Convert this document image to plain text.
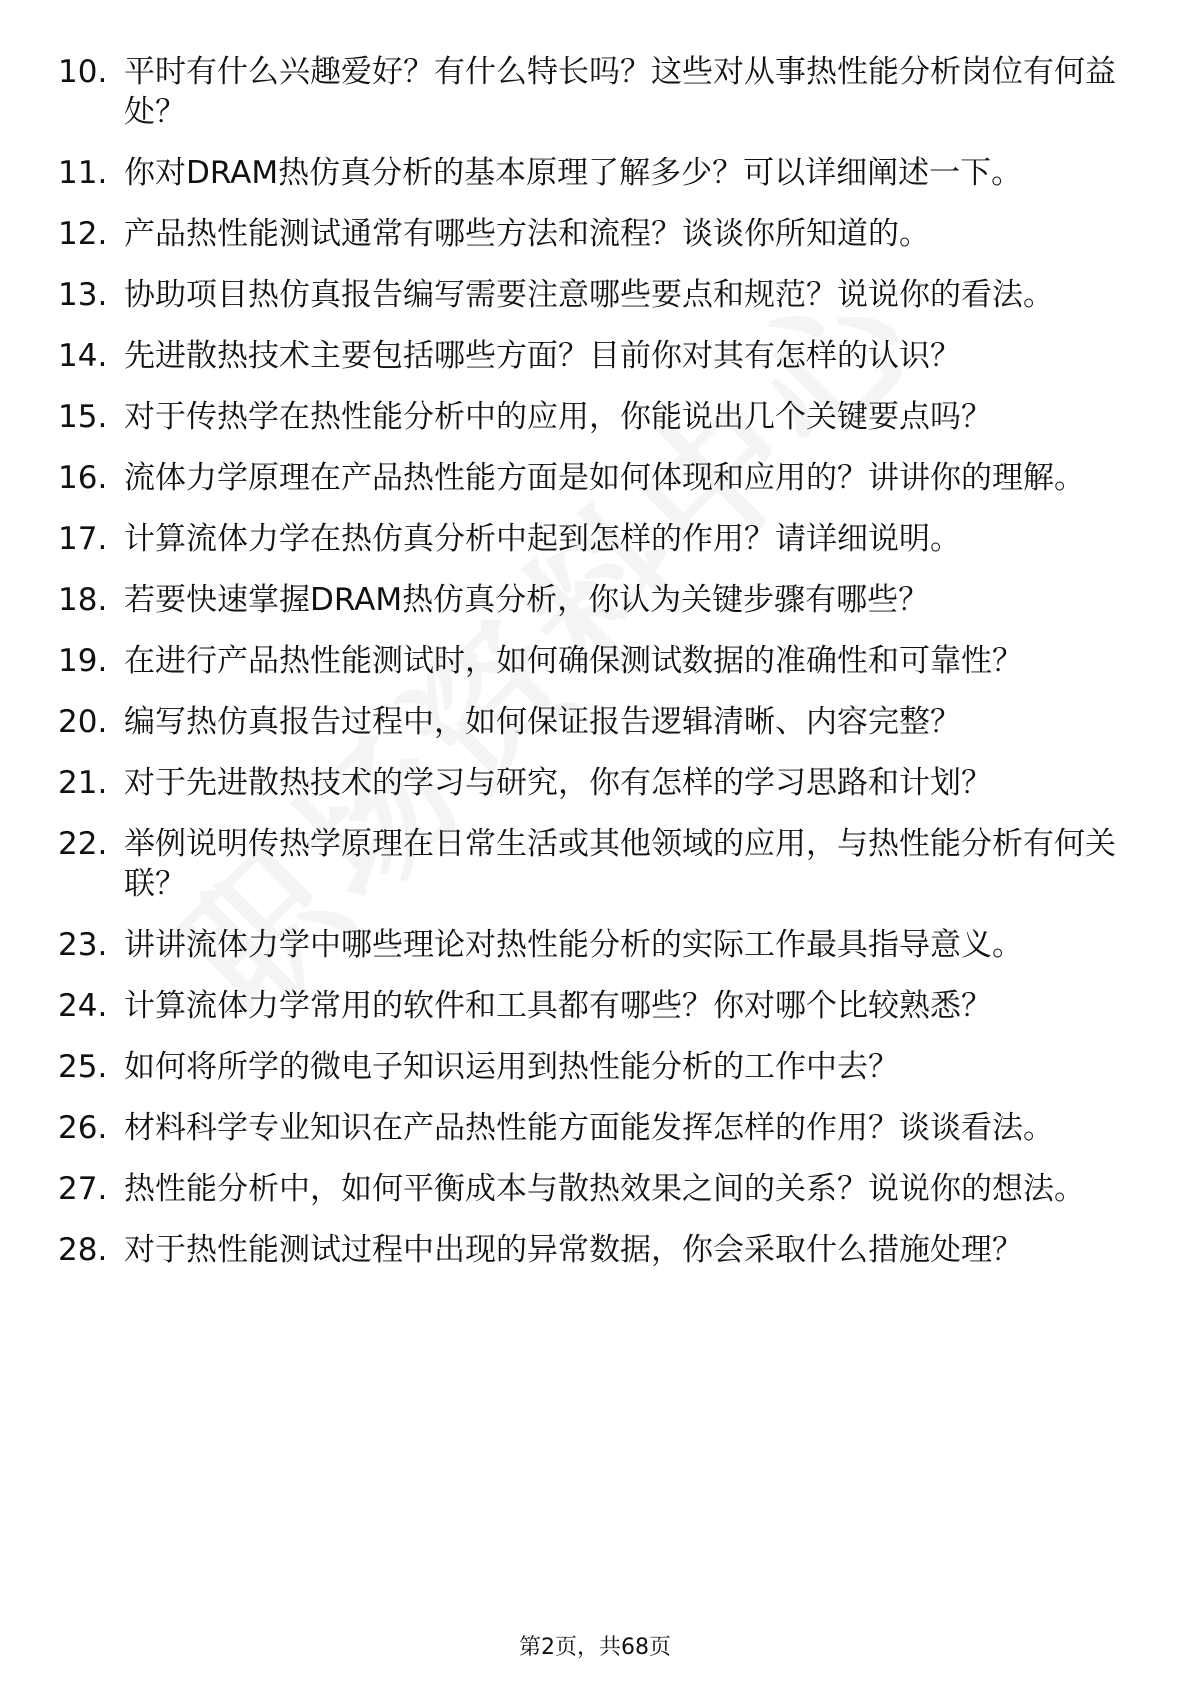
10. 平时有什么兴趣爱好？有什么特长吗？这些对从事热性能分析岗位有何益处？
11. 你对DRAM热仿真分析的基本原理了解多少？可以详细阐述一下。
12. 产品热性能测试通常有哪些方法和流程？谈谈你所知道的。
13. 协助项目热仿真报告编写需要注意哪些要点和规范？说说你的看法。
14. 先进散热技术主要包括哪些方面？目前你对其有怎样的认识？
15. 对于传热学在热性能分析中的应用，你能说出几个关键要点吗？
16. 流体力学原理在产品热性能方面是如何体现和应用的？讲讲你的理解。
17. 计算流体力学在热仿真分析中起到怎样的作用？请详细说明。
18. 若要快速掌握DRAM热仿真分析，你认为关键步骤有哪些？
19. 在进行产品热性能测试时，如何确保测试数据的准确性和可靠性？
20. 编写热仿真报告过程中，如何保证报告逻辑清晰、内容完整？
21. 对于先进散热技术的学习与研究，你有怎样的学习思路和计划？
22. 举例说明传热学原理在日常生活或其他领域的应用，与热性能分析有何关联？
23. 讲讲流体力学中哪些理论对热性能分析的实际工作最具指导意义。
24. 计算流体力学常用的软件和工具都有哪些？你对哪个比较熟悉？
25. 如何将所学的微电子知识运用到热性能分析的工作中去？
26. 材料科学专业知识在产品热性能方面能发挥怎样的作用？谈谈看法。
27. 热性能分析中，如何平衡成本与散热效果之间的关系？说说你的想法。
28. 对于热性能测试过程中出现的异常数据，你会采取什么措施处理？
第2页，共68页
